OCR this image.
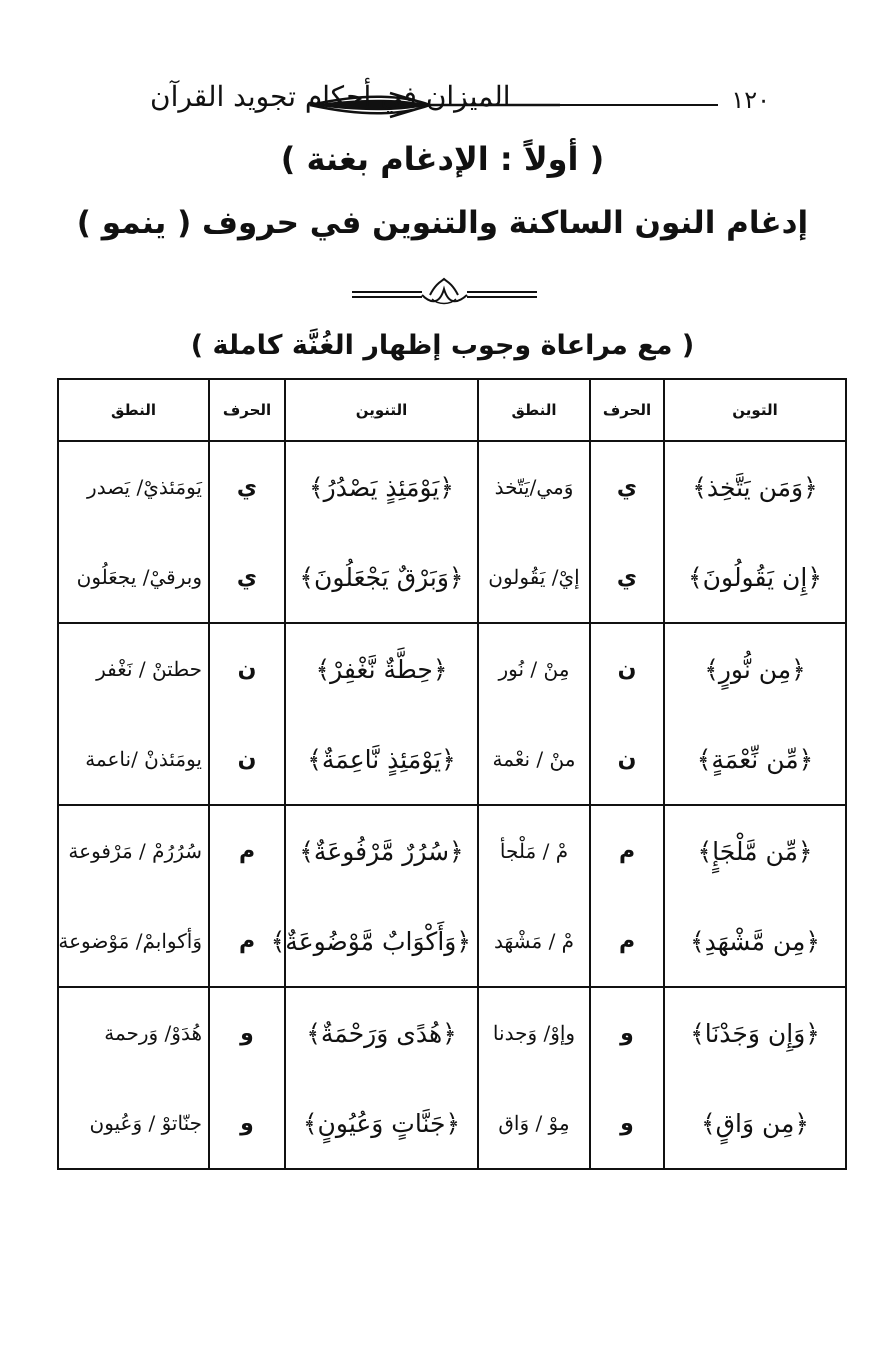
١٢٠
الميزان في أحكام تجويد القرآن
( أولاً : الإدغام بغنة )
إدغام النون الساكنة والتنوين في حروف ( ينمو )
( مع مراعاة وجوب إظهار الغُنَّة كاملة )
التوين	الحرف	النطق	التنوين	الحرف	النطق
﴿وَمَن يَتَّخِذ﴾	ي	وَمي/يَتّخذ	﴿يَوْمَئِذٍ يَصْدُرُ﴾	ي	يَومَئذيْ/ يَصدر
﴿إِن يَقُولُونَ﴾	ي	إيْ/ يَقُولون	﴿وَبَرْقٌ يَجْعَلُونَ﴾	ي	وبرقيْ/ يجعَلُون
﴿مِن نُّورٍ﴾	ن	مِنْ / نُور	﴿حِطَّةٌ نَّغْفِرْ﴾	ن	حطتنْ / نَغْفر
﴿مِّن نِّعْمَةٍ﴾	ن	منْ / نعْمة	﴿يَوْمَئِذٍ نَّاعِمَةٌ﴾	ن	يومَئذنْ /ناعمة
﴿مِّن مَّلْجَإٍ﴾	م	مْ / مَلْجأ	﴿سُرُرٌ مَّرْفُوعَةٌ﴾	م	سُرُرُمْ / مَرْفوعة
﴿مِن مَّشْهَدِ﴾	م	مْ / مَشْهَد	﴿وَأَكْوَابٌ مَّوْضُوعَةٌ﴾	م	وَأكوابمْ/ مَوْضوعة
﴿وَإِن وَجَدْنَا﴾	و	وإوْ/ وَجدنا	﴿هُدًى وَرَحْمَةٌ﴾	و	هُدَوْ/ وَرحمة
﴿مِن وَاقٍ﴾	و	مِوْ / وَاق	﴿جَنَّاتٍ وَعُيُونٍ﴾	و	جنّاتوْ / وَعُيون
